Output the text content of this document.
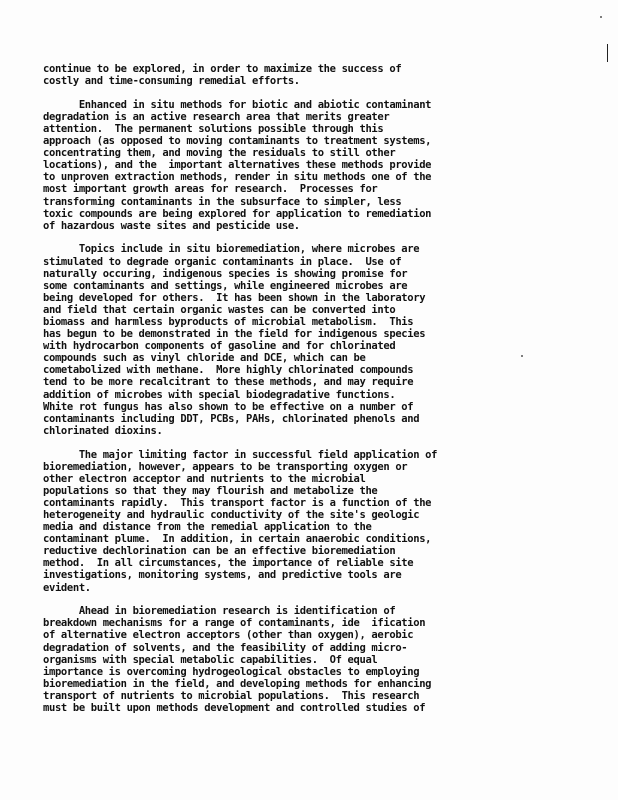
continue to be explored, in order to maximize the success of
costly and time-consuming remedial efforts.
Enhanced in situ methods for biotic and abiotic contaminant
degradation is an active research area that merits greater
attention.  The permanent solutions possible through this
approach (as opposed to moving contaminants to treatment systems,
concentrating them, and moving the residuals to still other
locations), and the  important alternatives these methods provide
to unproven extraction methods, render in situ methods one of the
most important growth areas for research.  Processes for
transforming contaminants in the subsurface to simpler, less
toxic compounds are being explored for application to remediation
of hazardous waste sites and pesticide use.
Topics include in situ bioremediation, where microbes are
stimulated to degrade organic contaminants in place.  Use of
naturally occuring, indigenous species is showing promise for
some contaminants and settings, while engineered microbes are
being developed for others.  It has been shown in the laboratory
and field that certain organic wastes can be converted into
biomass and harmless byproducts of microbial metabolism.  This
has begun to be demonstrated in the field for indigenous species
with hydrocarbon components of gasoline and for chlorinated
compounds such as vinyl chloride and DCE, which can be
cometabolized with methane.  More highly chlorinated compounds
tend to be more recalcitrant to these methods, and may require
addition of microbes with special biodegradative functions.
White rot fungus has also shown to be effective on a number of
contaminants including DDT, PCBs, PAHs, chlorinated phenols and
chlorinated dioxins.
The major limiting factor in successful field application of
bioremediation, however, appears to be transporting oxygen or
other electron acceptor and nutrients to the microbial
populations so that they may flourish and metabolize the
contaminants rapidly.  This transport factor is a function of the
heterogeneity and hydraulic conductivity of the site's geologic
media and distance from the remedial application to the
contaminant plume.  In addition, in certain anaerobic conditions,
reductive dechlorination can be an effective bioremediation
method.  In all circumstances, the importance of reliable site
investigations, monitoring systems, and predictive tools are
evident.
Ahead in bioremediation research is identification of
breakdown mechanisms for a range of contaminants, ide  ification
of alternative electron acceptors (other than oxygen), aerobic
degradation of solvents, and the feasibility of adding micro-
organisms with special metabolic capabilities.  Of equal
importance is overcoming hydrogeological obstacles to employing
bioremediation in the field, and developing methods for enhancing
transport of nutrients to microbial populations.  This research
must be built upon methods development and controlled studies of
